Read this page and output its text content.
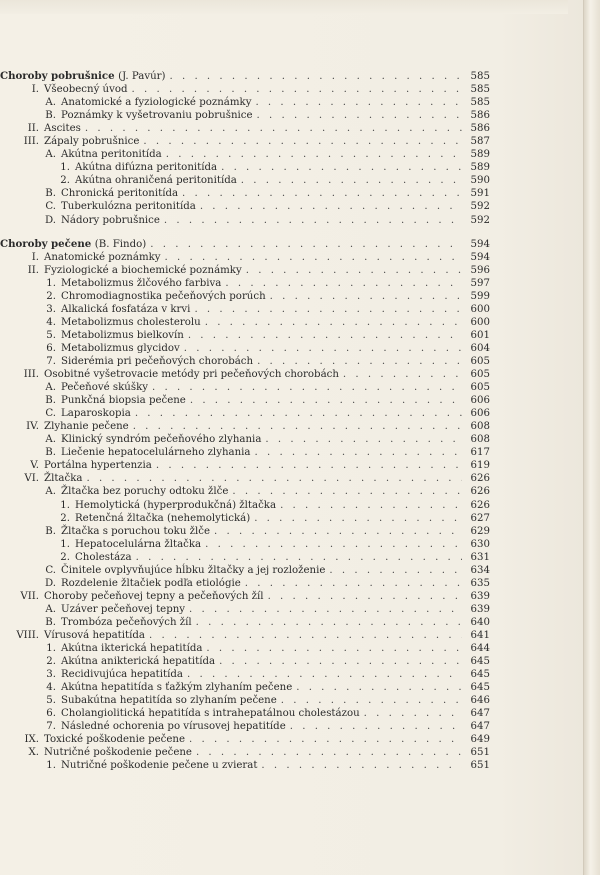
Choroby pobrušnice (J. Pavúr) . . .	585
I. Všeobecný úvod . . .	585
A. Anatomické a fyziologické poznámky . . .	585
B. Poznámky k vyšetrovaniu pobrušnice . . .	586
II. Ascites . . .	586
III. Zápaly pobrušnice . . .	587
A. Akútna peritonitída . . .	589
1. Akútna difúzna peritonitída . . .	589
2. Akútna ohraničená peritonitída . . .	590
B. Chronická peritonitída . . .	591
C. Tuberkulózna peritonitída . . .	592
D. Nádory pobrušnice . . .	592
Choroby pečene (B. Findo) . . .	594
I. Anatomické poznámky . . .	594
II. Fyziologické a biochemické poznámky . . .	596
1. Metabolizmus žlčového farbiva . . .	597
2. Chromodiagnostika pečeňových porúch . . .	599
3. Alkalická fosfatáza v krvi . . .	600
4. Metabolizmus cholesterolu . . .	600
5. Metabolizmus bielkovín . . .	601
6. Metabolizmus glycidov . . .	604
7. Siderémia pri pečeňových chorobách . . .	605
III. Osobitné vyšetrovacie metódy pri pečeňových chorobách . . .	605
A. Pečeňové skúšky . . .	605
B. Punkčná biopsia pečene . . .	606
C. Laparoskopia . . .	606
IV. Zlyhanie pečene . . .	608
A. Klinický syndróm pečeňového zlyhania . . .	608
B. Liečenie hepatocelulárneho zlyhania . . .	617
V. Portálna hypertenzia . . .	619
VI. Žltačka . . .	626
A. Žltačka bez poruchy odtoku žlče . . .	626
1. Hemolytická (hyperprodukčná) žltačka . . .	626
2. Retenčná žltačka (nehemolytická) . . .	627
B. Žltačka s poruchou toku žlče . . .	629
1. Hepatocelulárna žltačka . . .	630
2. Cholestáza . . .	631
C. Činitele ovplyvňujúce hĺbku žltačky a jej rozloženie . . .	634
D. Rozdelenie žltačiek podľa etiológie . . .	635
VII. Choroby pečeňovej tepny a pečeňových žíl . . .	639
A. Uzáver pečeňovej tepny . . .	639
B. Trombóza pečeňových žíl . . .	640
VIII. Vírusová hepatitída . . .	641
1. Akútna ikterická hepatitída . . .	644
2. Akútna anikterická hepatitída . . .	645
3. Recidivujúca hepatitída . . .	645
4. Akútna hepatitída s ťažkým zlyhaním pečene . . .	645
5. Subakútna hepatitída so zlyhaním pečene . . .	646
6. Cholangiolitická hepatitída s intrahepatálnou cholestázou . . .	647
7. Následné ochorenia po vírusovej hepatitíde . . .	647
IX. Toxické poškodenie pečene . . .	649
X. Nutričné poškodenie pečene . . .	651
1. Nutričné poškodenie pečene u zvierat . . .	651
